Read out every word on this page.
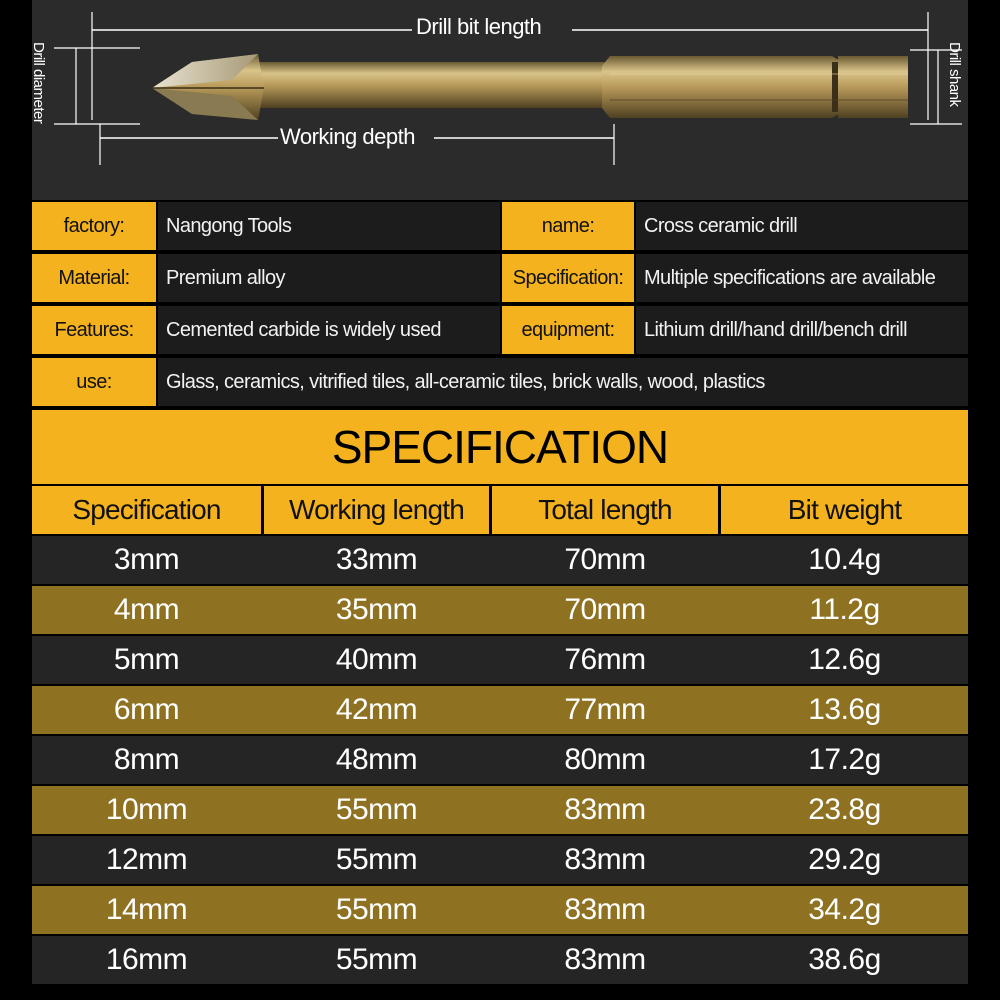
Drill bit length
Working depth
Drill diameter	Drill shank
factory:	Nangong Tools	name:	Cross ceramic drill
Material:	Premium alloy	Specification:	Multiple specifications are available
Features:	Cemented carbide is widely used	equipment:	Lithium drill/hand drill/bench drill
use:	Glass, ceramics, vitrified tiles, all-ceramic tiles, brick walls, wood, plastics
SPECIFICATION
Specification	Working length	Total length	Bit weight
3mm	33mm	70mm	10.4g
4mm	35mm	70mm	11.2g
5mm	40mm	76mm	12.6g
6mm	42mm	77mm	13.6g
8mm	48mm	80mm	17.2g
10mm	55mm	83mm	23.8g
12mm	55mm	83mm	29.2g
14mm	55mm	83mm	34.2g
16mm	55mm	83mm	38.6g
